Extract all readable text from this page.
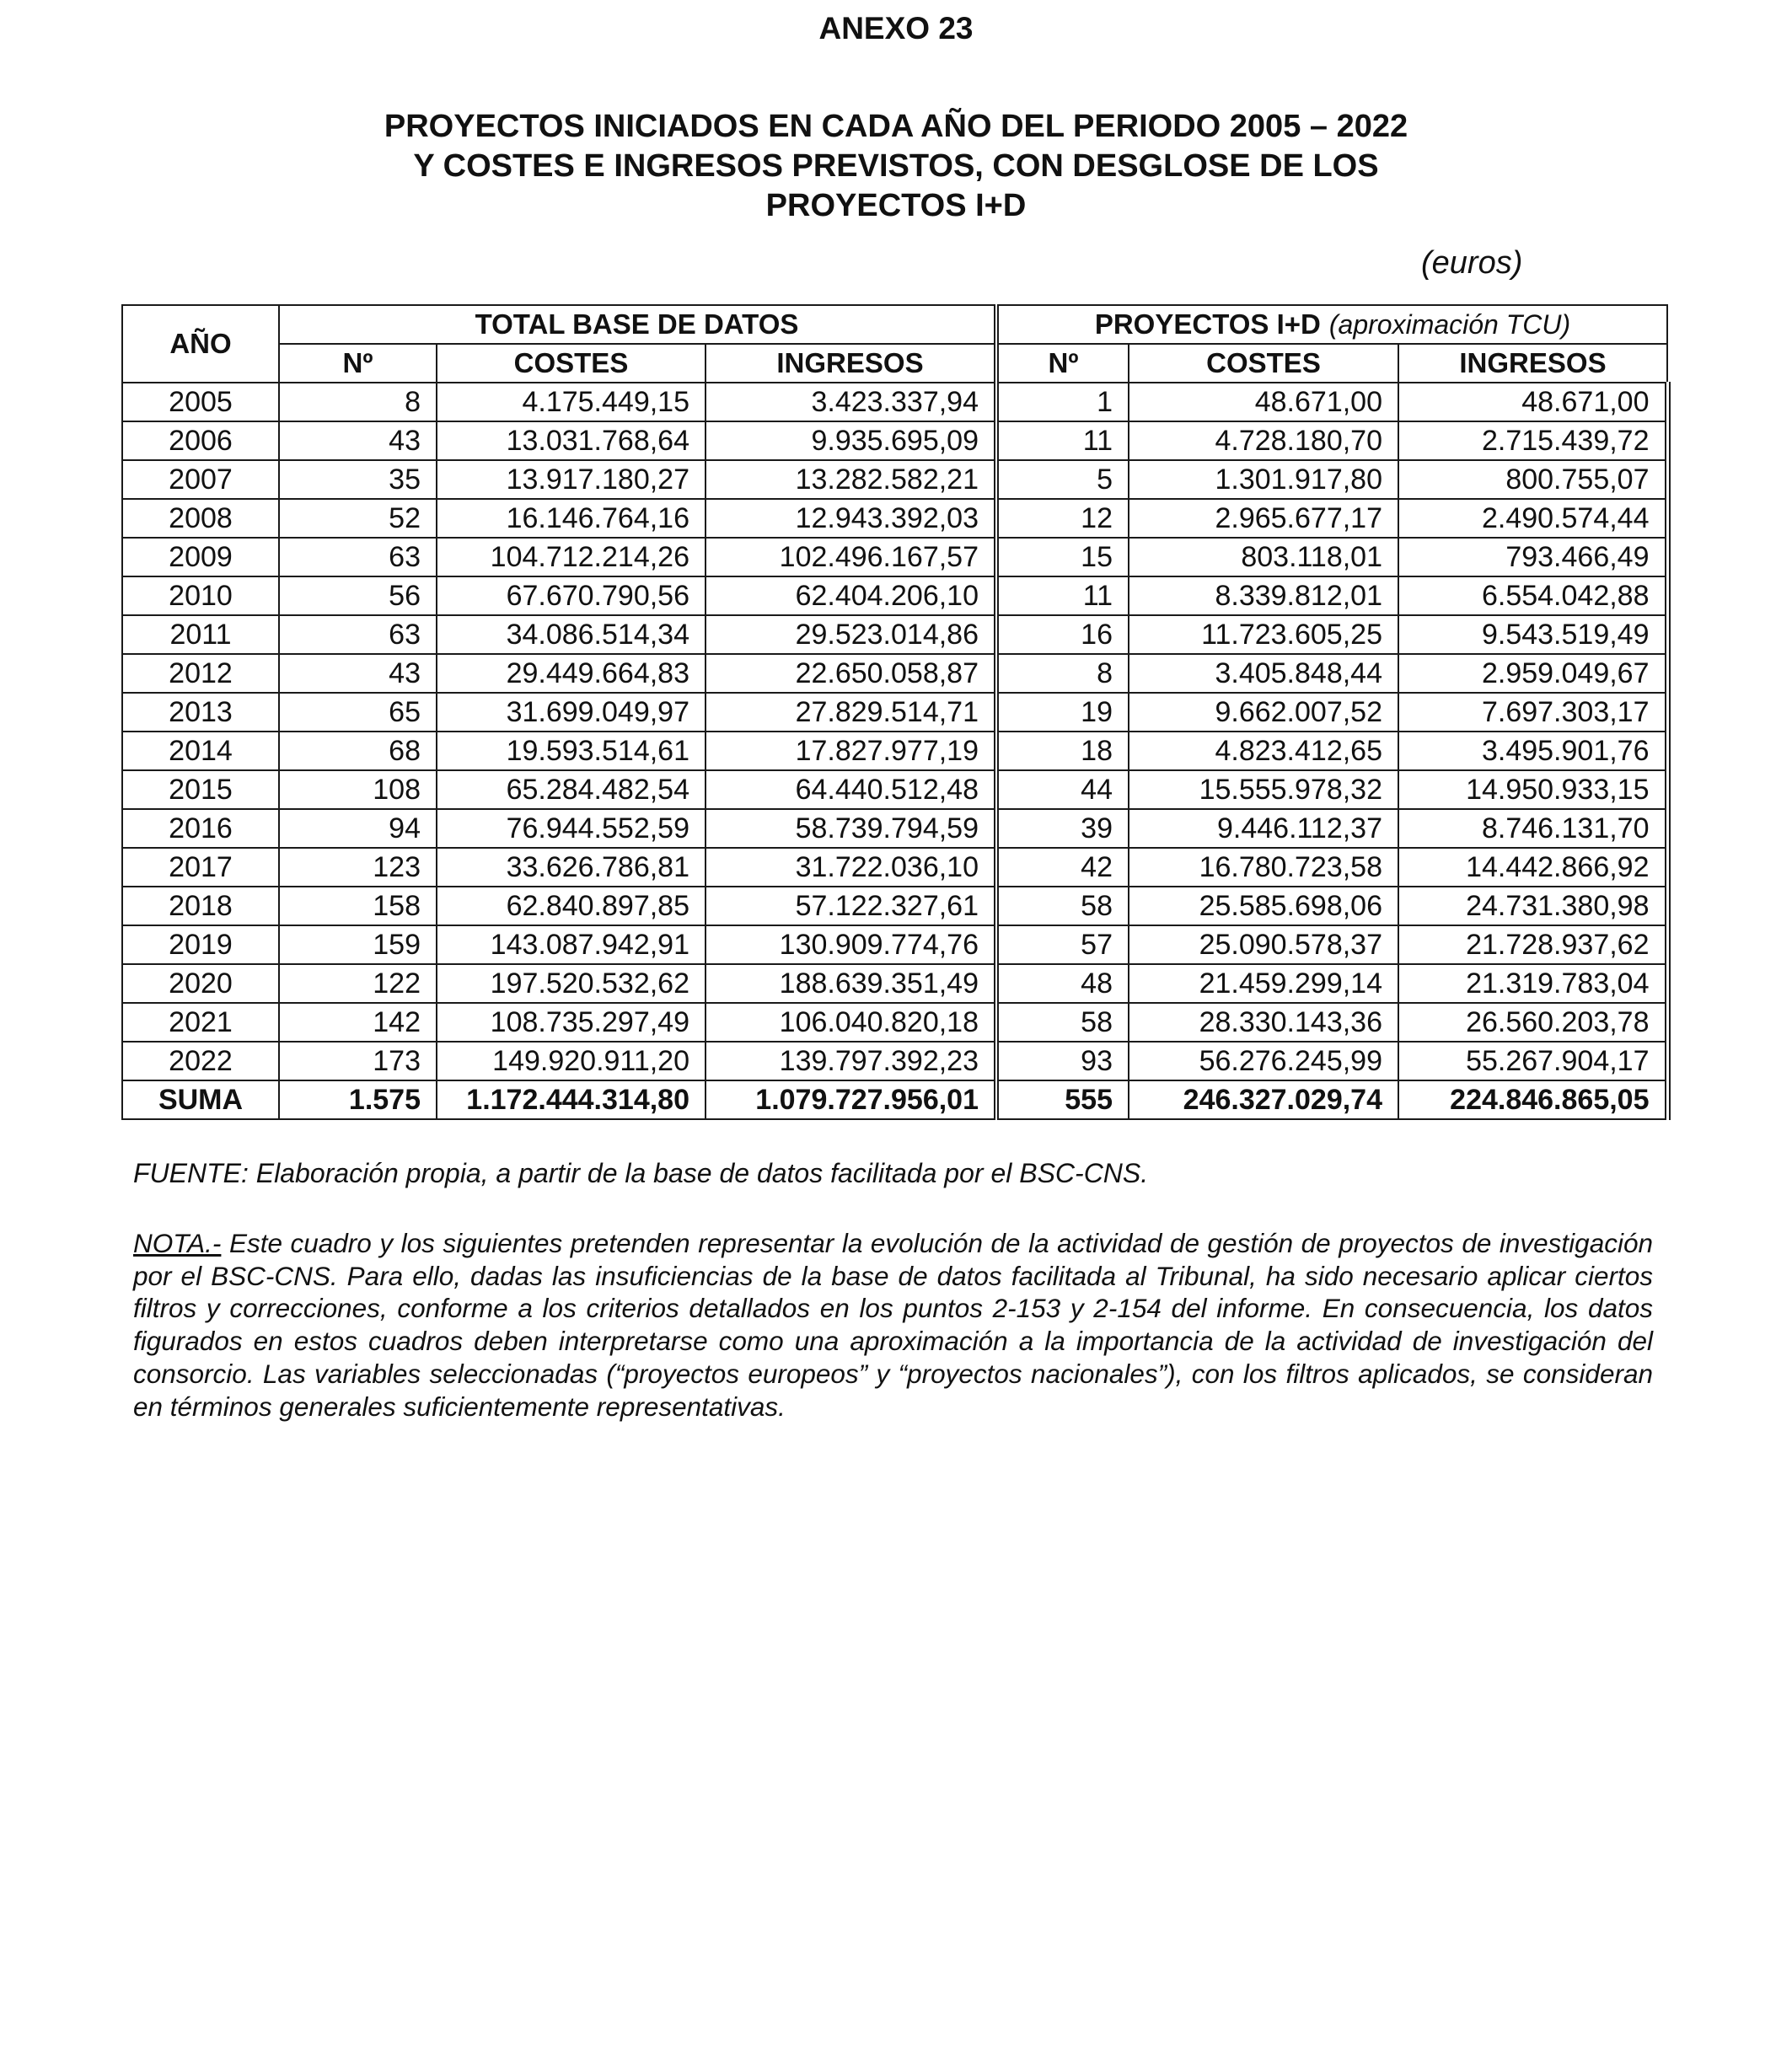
ANEXO 23
PROYECTOS INICIADOS EN CADA AÑO DEL PERIODO 2005 – 2022
Y COSTES E INGRESOS PREVISTOS, CON DESGLOSE DE LOS
PROYECTOS I+D
(euros)
AÑO	TOTAL BASE DE DATOS			PROYECTOS I+D (aproximación TCU)		
	Nº	COSTES	INGRESOS	Nº	COSTES	INGRESOS
2005	8	4.175.449,15	3.423.337,94	1	48.671,00	48.671,00
2006	43	13.031.768,64	9.935.695,09	11	4.728.180,70	2.715.439,72
2007	35	13.917.180,27	13.282.582,21	5	1.301.917,80	800.755,07
2008	52	16.146.764,16	12.943.392,03	12	2.965.677,17	2.490.574,44
2009	63	104.712.214,26	102.496.167,57	15	803.118,01	793.466,49
2010	56	67.670.790,56	62.404.206,10	11	8.339.812,01	6.554.042,88
2011	63	34.086.514,34	29.523.014,86	16	11.723.605,25	9.543.519,49
2012	43	29.449.664,83	22.650.058,87	8	3.405.848,44	2.959.049,67
2013	65	31.699.049,97	27.829.514,71	19	9.662.007,52	7.697.303,17
2014	68	19.593.514,61	17.827.977,19	18	4.823.412,65	3.495.901,76
2015	108	65.284.482,54	64.440.512,48	44	15.555.978,32	14.950.933,15
2016	94	76.944.552,59	58.739.794,59	39	9.446.112,37	8.746.131,70
2017	123	33.626.786,81	31.722.036,10	42	16.780.723,58	14.442.866,92
2018	158	62.840.897,85	57.122.327,61	58	25.585.698,06	24.731.380,98
2019	159	143.087.942,91	130.909.774,76	57	25.090.578,37	21.728.937,62
2020	122	197.520.532,62	188.639.351,49	48	21.459.299,14	21.319.783,04
2021	142	108.735.297,49	106.040.820,18	58	28.330.143,36	26.560.203,78
2022	173	149.920.911,20	139.797.392,23	93	56.276.245,99	55.267.904,17
SUMA	1.575	1.172.444.314,80	1.079.727.956,01	555	246.327.029,74	224.846.865,05
FUENTE: Elaboración propia, a partir de la base de datos facilitada por el BSC-CNS.
NOTA.- Este cuadro y los siguientes pretenden representar la evolución de la actividad de gestión de proyectos de investigación por el BSC-CNS. Para ello, dadas las insuficiencias de la base de datos facilitada al Tribunal, ha sido necesario aplicar ciertos filtros y correcciones, conforme a los criterios detallados en los puntos 2-153 y 2-154 del informe. En consecuencia, los datos figurados en estos cuadros deben interpretarse como una aproximación a la importancia de la actividad de investigación del consorcio. Las variables seleccionadas (“proyectos europeos” y “proyectos nacionales”), con los filtros aplicados, se consideran en términos generales suficientemente representativas.
